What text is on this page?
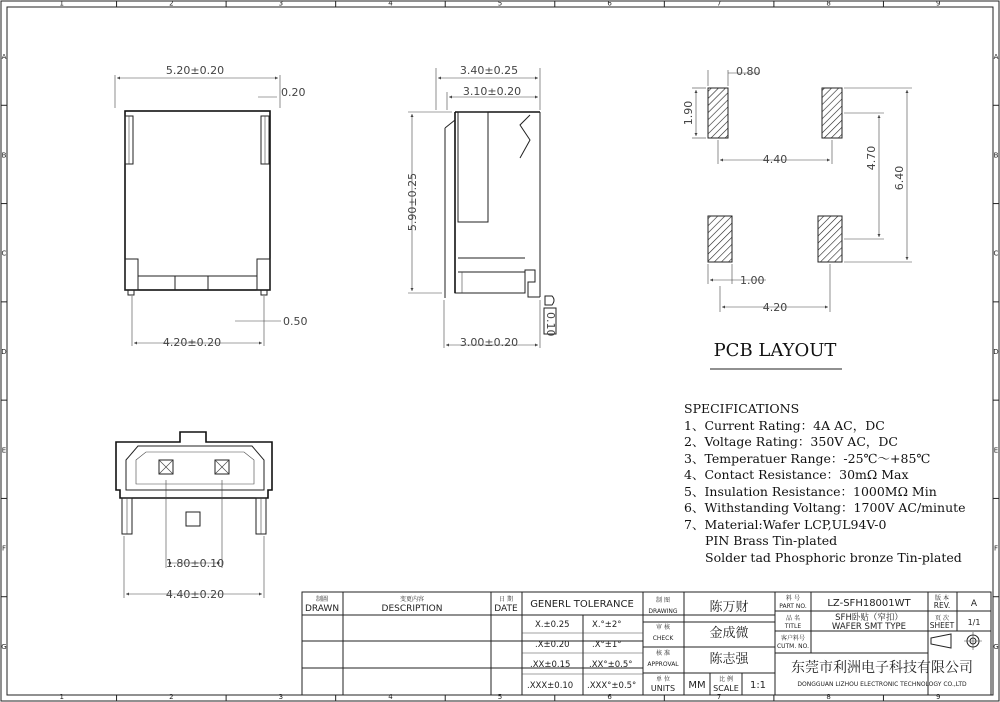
1
1
2
2
3
3
4
4
5
5
6
6
7
7
8
8
9
9
A	A
B	B
C	C
D	D
E	E
F	F
G	G
5.20±0.20
0.20
4.20±0.20
0.50
3.40±0.25
3.10±0.20
5.90±0.25
3.00±0.20
0.10
1.80±0.10
4.40±0.20
0.80
1.90
4.40	4.70
6.40
1.00
4.20
PCB LAYOUT
SPECIFICATIONS
1、Current Rating：4A AC，DC
2、Voltage Rating：350V AC，DC
3、Temperatuer Range：-25℃～+85℃
4、Contact Resistance：30mΩ Max
5、Insulation Resistance：1000MΩ Min
6、Withstanding Voltang：1700V AC/minute
7、Material:Wafer LCP,UL94V-0
PIN Brass Tin-plated
Solder tad Phosphoric bronze Tin-plated
制圖
DRAWN
变更内容
DESCRIPTION
日 期
DATE GENERL TOLERANCE
X.±0.25	X.°±2°
.X±0.20	.X°±1°
.XX±0.15 .XX°±0.5°
.XXX±0.10 .XXX°±0.5°
制 图
DRAWING 陈万财
审 核
CHECK	金成微
核 准
APPROVAL 陈志强
单 位
UNITS MM
比 例
SCALE 1:1
料 号
PART NO. LZ-SFH18001WT
品 名
TITLE
SFH卧贴（窄扣）
WAFER SMT TYPE
客户料号
CUTM. NO.
版 本
REV. A
页 次
SHEET 1/1
东莞市利洲电子科技有限公司
DONGGUAN LIZHOU ELECTRONIC TECHNOLOGY CO.,LTD
